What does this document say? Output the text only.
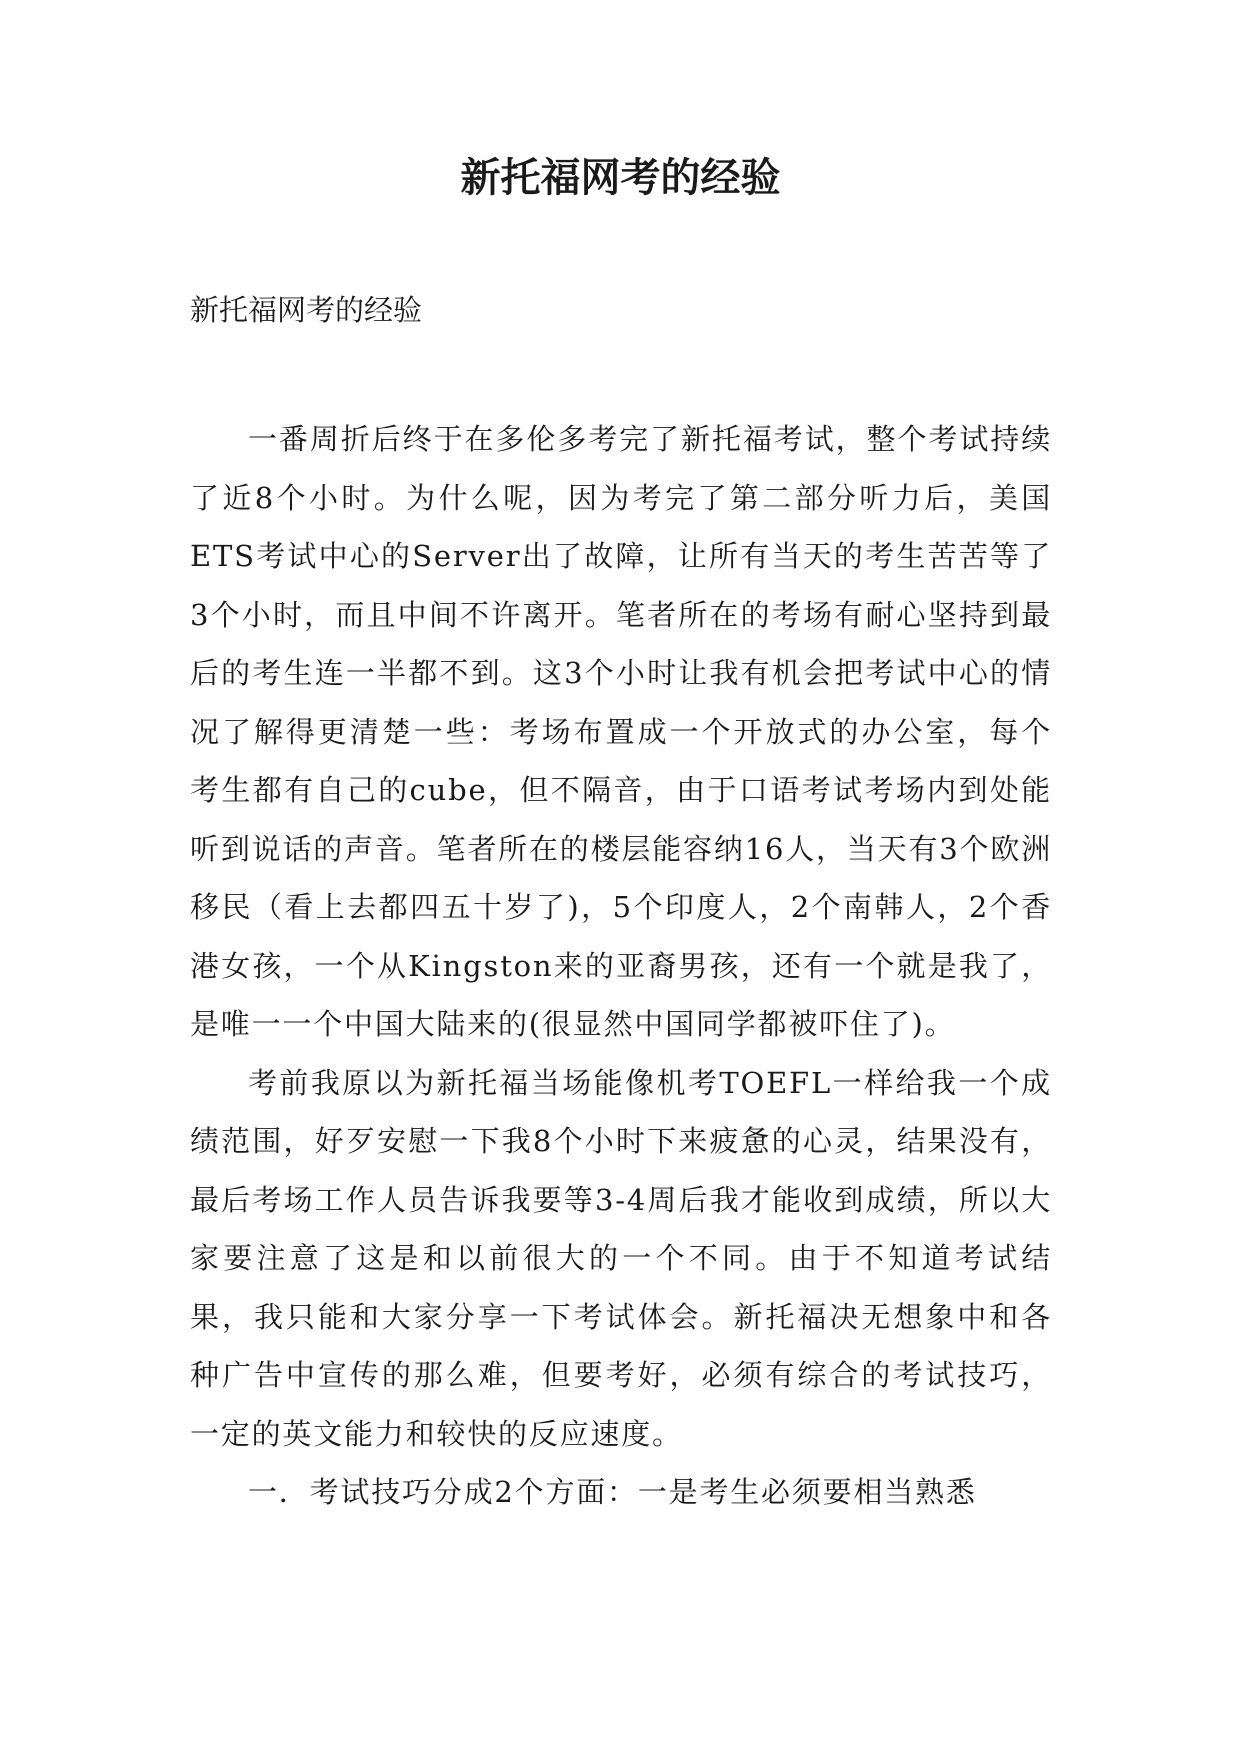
新托福网考的经验
新托福网考的经验

一番周折后终于在多伦多考完了新托福考试，整个考试持续了近8个小时。为什么呢，因为考完了第二部分听力后，美国ETS考试中心的Server出了故障，让所有当天的考生苦苦等了3个小时，而且中间不许离开。笔者所在的考场有耐心坚持到最后的考生连一半都不到。这3个小时让我有机会把考试中心的情况了解得更清楚一些：考场布置成一个开放式的办公室，每个考生都有自己的cube，但不隔音，由于口语考试考场内到处能听到说话的声音。笔者所在的楼层能容纳16人，当天有3个欧洲移民（看上去都四五十岁了)，5个印度人，2个南韩人，2个香港女孩，一个从Kingston来的亚裔男孩，还有一个就是我了，是唯一一个中国大陆来的(很显然中国同学都被吓住了)。

考前我原以为新托福当场能像机考TOEFL一样给我一个成绩范围，好歹安慰一下我8个小时下来疲惫的心灵，结果没有，最后考场工作人员告诉我要等3-4周后我才能收到成绩，所以大家要注意了这是和以前很大的一个不同。由于不知道考试结果，我只能和大家分享一下考试体会。新托福决无想象中和各种广告中宣传的那么难，但要考好，必须有综合的考试技巧，一定的英文能力和较快的反应速度。

一．考试技巧分成2个方面：一是考生必须要相当熟悉
